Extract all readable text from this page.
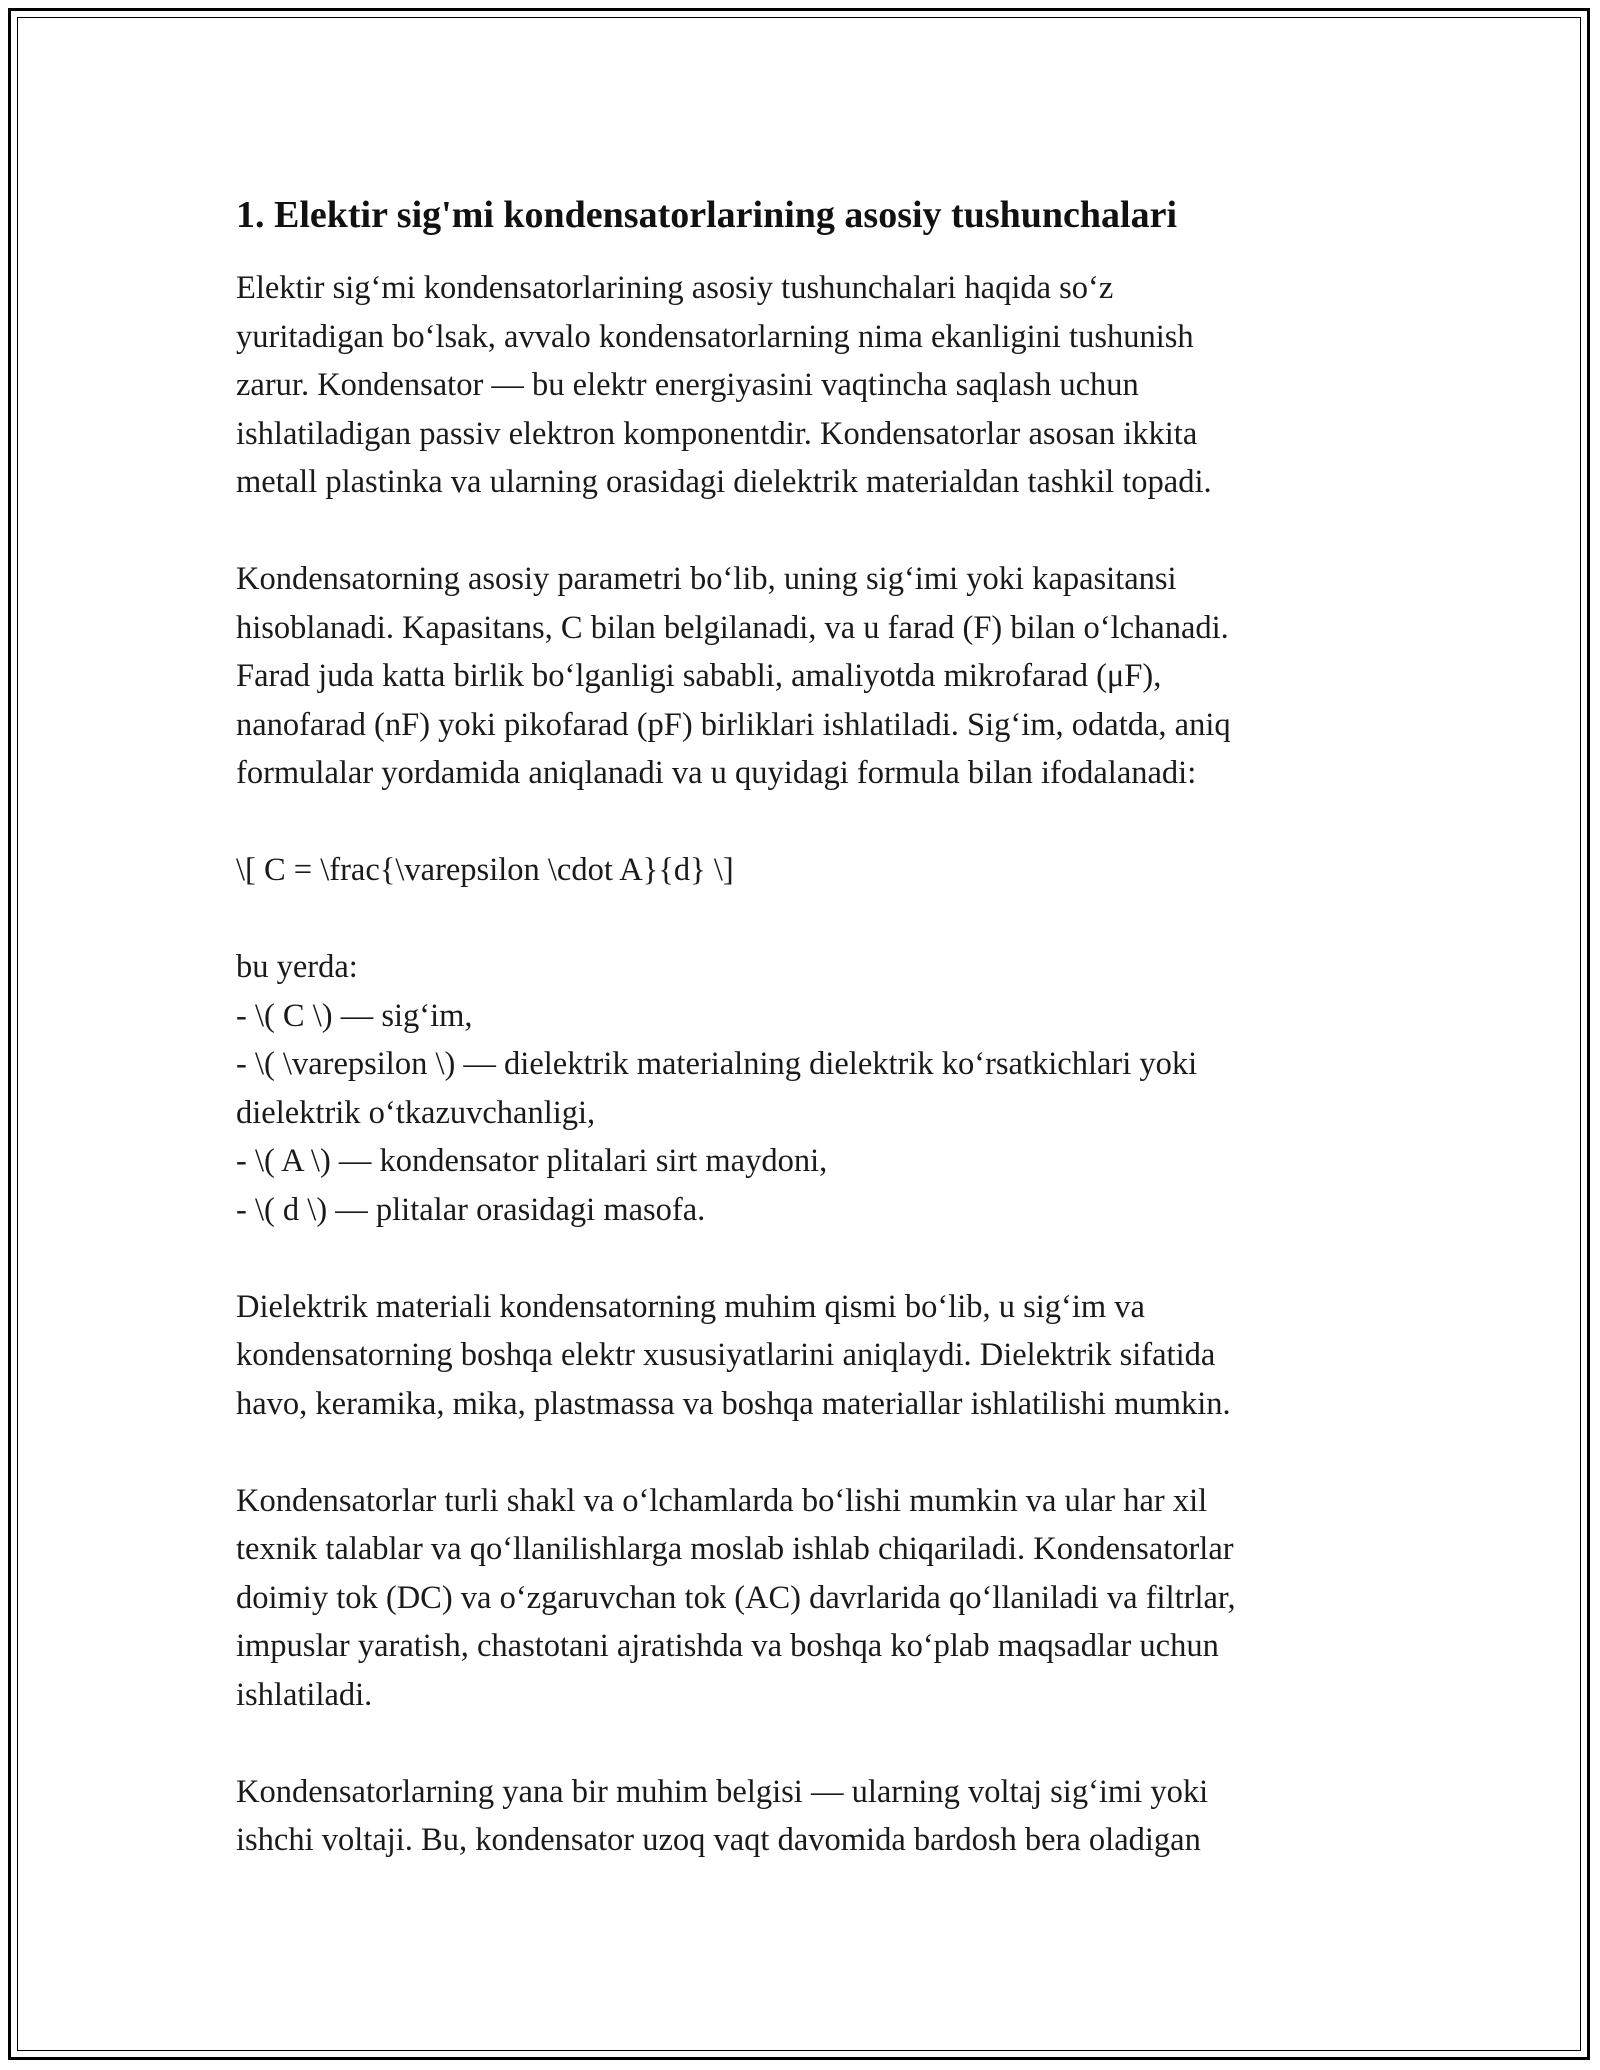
1. Elektir sig'mi kondensatorlarining asosiy tushunchalari

Elektir sig‘mi kondensatorlarining asosiy tushunchalari haqida so‘z
yuritadigan bo‘lsak, avvalo kondensatorlarning nima ekanligini tushunish
zarur. Kondensator — bu elektr energiyasini vaqtincha saqlash uchun
ishlatiladigan passiv elektron komponentdir. Kondensatorlar asosan ikkita
metall plastinka va ularning orasidagi dielektrik materialdan tashkil topadi.

Kondensatorning asosiy parametri bo‘lib, uning sig‘imi yoki kapasitansi
hisoblanadi. Kapasitans, C bilan belgilanadi, va u farad (F) bilan o‘lchanadi.
Farad juda katta birlik bo‘lganligi sababli, amaliyotda mikrofarad (μF),
nanofarad (nF) yoki pikofarad (pF) birliklari ishlatiladi. Sig‘im, odatda, aniq
formulalar yordamida aniqlanadi va u quyidagi formula bilan ifodalanadi:

\[ C = \frac{\varepsilon \cdot A}{d} \]

bu yerda:
- \( C \) — sig‘im,
- \( \varepsilon \) — dielektrik materialning dielektrik ko‘rsatkichlari yoki
dielektrik o‘tkazuvchanligi,
- \( A \) — kondensator plitalari sirt maydoni,
- \( d \) — plitalar orasidagi masofa.

Dielektrik materiali kondensatorning muhim qismi bo‘lib, u sig‘im va
kondensatorning boshqa elektr xususiyatlarini aniqlaydi. Dielektrik sifatida
havo, keramika, mika, plastmassa va boshqa materiallar ishlatilishi mumkin.

Kondensatorlar turli shakl va o‘lchamlarda bo‘lishi mumkin va ular har xil
texnik talablar va qo‘llanilishlarga moslab ishlab chiqariladi. Kondensatorlar
doimiy tok (DC) va o‘zgaruvchan tok (AC) davrlarida qo‘llaniladi va filtrlar,
impuslar yaratish, chastotani ajratishda va boshqa ko‘plab maqsadlar uchun
ishlatiladi.

Kondensatorlarning yana bir muhim belgisi — ularning voltaj sig‘imi yoki
ishchi voltaji. Bu, kondensator uzoq vaqt davomida bardosh bera oladigan
